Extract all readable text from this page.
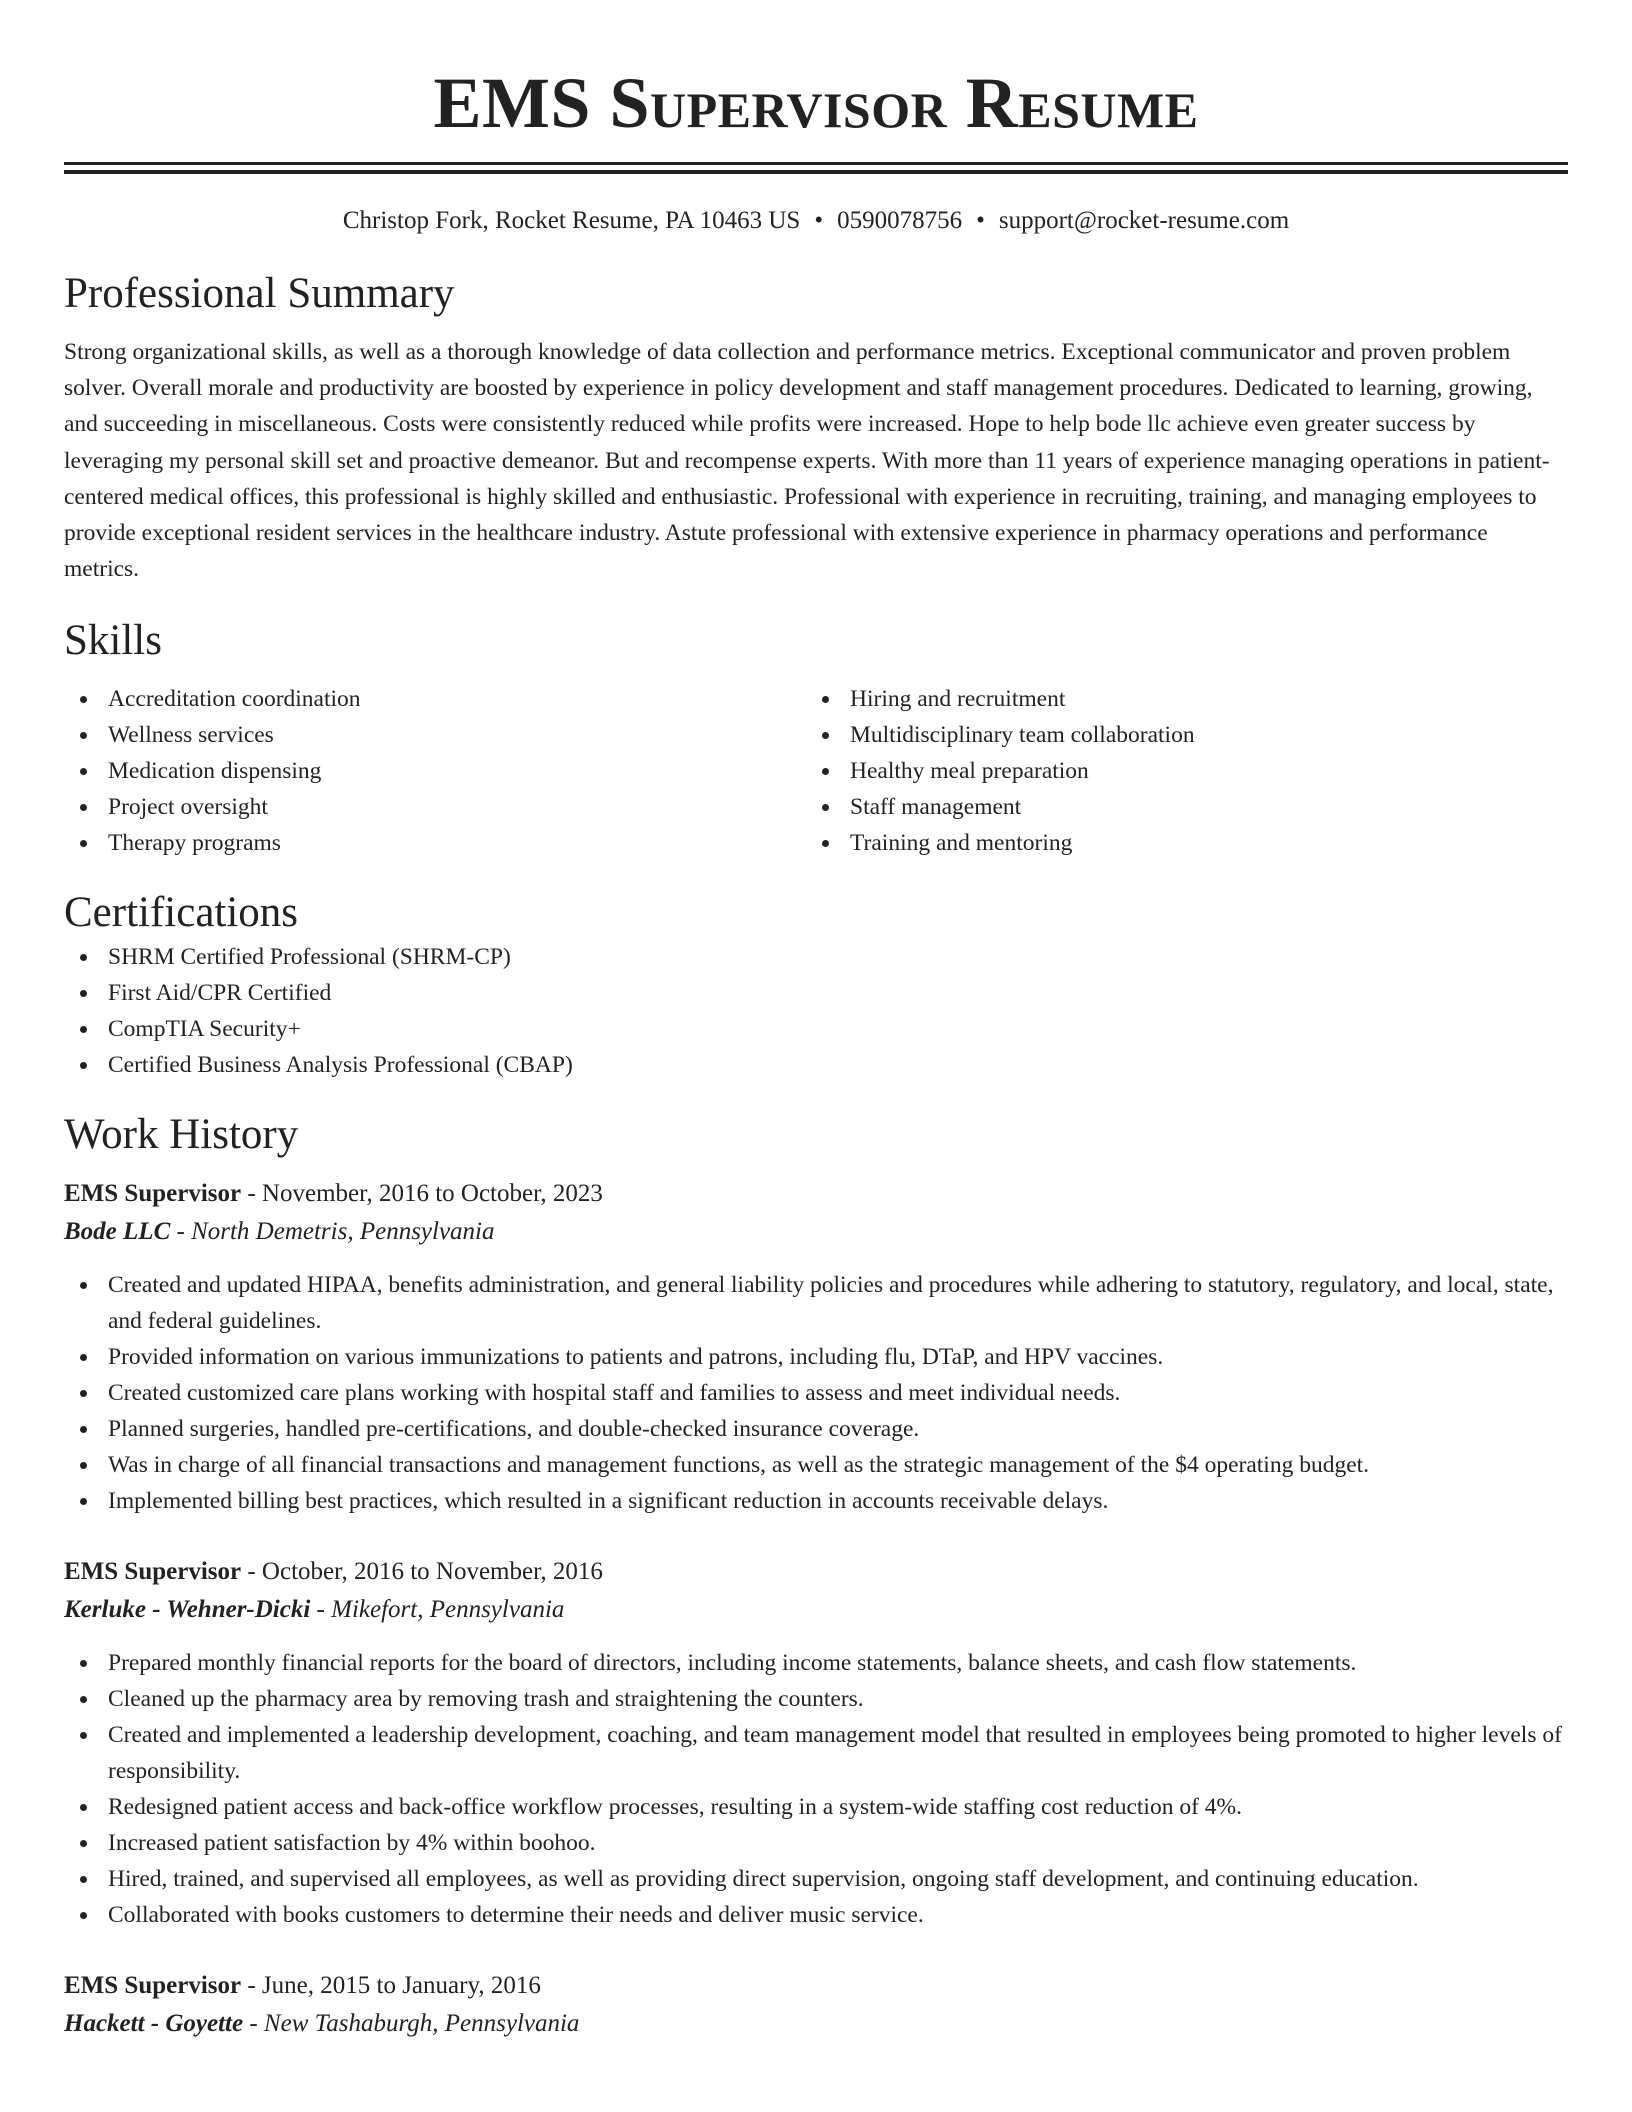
EMS Supervisor Resume
Christop Fork, Rocket Resume, PA 10463 US • 0590078756 • support@rocket-resume.com
Professional Summary
Strong organizational skills, as well as a thorough knowledge of data collection and performance metrics. Exceptional communicator and proven problem solver. Overall morale and productivity are boosted by experience in policy development and staff management procedures. Dedicated to learning, growing, and succeeding in miscellaneous. Costs were consistently reduced while profits were increased. Hope to help bode llc achieve even greater success by leveraging my personal skill set and proactive demeanor. But and recompense experts. With more than 11 years of experience managing operations in patient-centered medical offices, this professional is highly skilled and enthusiastic. Professional with experience in recruiting, training, and managing employees to provide exceptional resident services in the healthcare industry. Astute professional with extensive experience in pharmacy operations and performance metrics.
Skills
Accreditation coordination
Wellness services
Medication dispensing
Project oversight
Therapy programs
Hiring and recruitment
Multidisciplinary team collaboration
Healthy meal preparation
Staff management
Training and mentoring
Certifications
SHRM Certified Professional (SHRM-CP)
First Aid/CPR Certified
CompTIA Security+
Certified Business Analysis Professional (CBAP)
Work History
EMS Supervisor - November, 2016 to October, 2023
Bode LLC - North Demetris, Pennsylvania
Created and updated HIPAA, benefits administration, and general liability policies and procedures while adhering to statutory, regulatory, and local, state, and federal guidelines.
Provided information on various immunizations to patients and patrons, including flu, DTaP, and HPV vaccines.
Created customized care plans working with hospital staff and families to assess and meet individual needs.
Planned surgeries, handled pre-certifications, and double-checked insurance coverage.
Was in charge of all financial transactions and management functions, as well as the strategic management of the $4 operating budget.
Implemented billing best practices, which resulted in a significant reduction in accounts receivable delays.
EMS Supervisor - October, 2016 to November, 2016
Kerluke - Wehner-Dicki - Mikefort, Pennsylvania
Prepared monthly financial reports for the board of directors, including income statements, balance sheets, and cash flow statements.
Cleaned up the pharmacy area by removing trash and straightening the counters.
Created and implemented a leadership development, coaching, and team management model that resulted in employees being promoted to higher levels of responsibility.
Redesigned patient access and back-office workflow processes, resulting in a system-wide staffing cost reduction of 4%.
Increased patient satisfaction by 4% within boohoo.
Hired, trained, and supervised all employees, as well as providing direct supervision, ongoing staff development, and continuing education.
Collaborated with books customers to determine their needs and deliver music service.
EMS Supervisor - June, 2015 to January, 2016
Hackett - Goyette - New Tashaburgh, Pennsylvania
